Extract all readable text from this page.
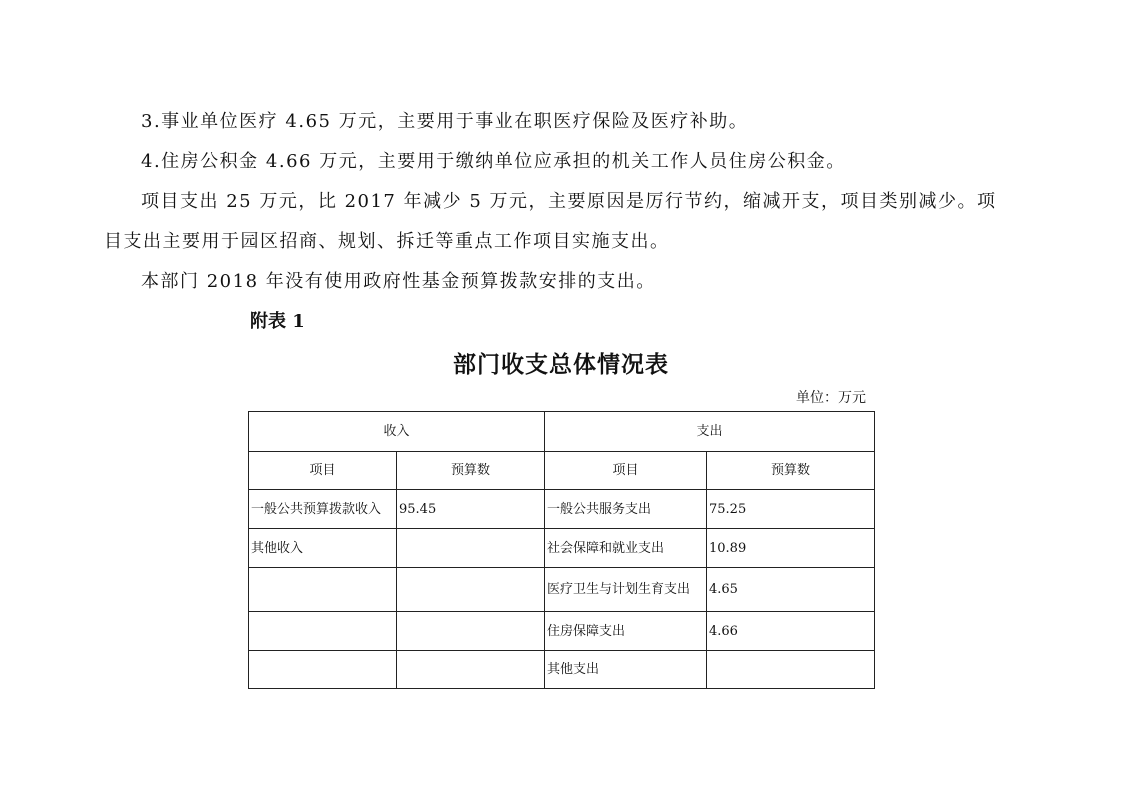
3.事业单位医疗 4.65 万元，主要用于事业在职医疗保险及医疗补助。
4.住房公积金 4.66 万元，主要用于缴纳单位应承担的机关工作人员住房公积金。
项目支出 25 万元，比 2017 年减少 5 万元，主要原因是厉行节约，缩减开支，项目类别减少。项
目支出主要用于园区招商、规划、拆迁等重点工作项目实施支出。
本部门 2018 年没有使用政府性基金预算拨款安排的支出。
附表 1
部门收支总体情况表
单位：万元
收入		支出	
项目	预算数	项目	预算数
一般公共预算拨款收入	95.45	一般公共服务支出	75.25
其他收入		社会保障和就业支出	10.89
		医疗卫生与计划生育支出	4.65
		住房保障支出	4.66
		其他支出	
